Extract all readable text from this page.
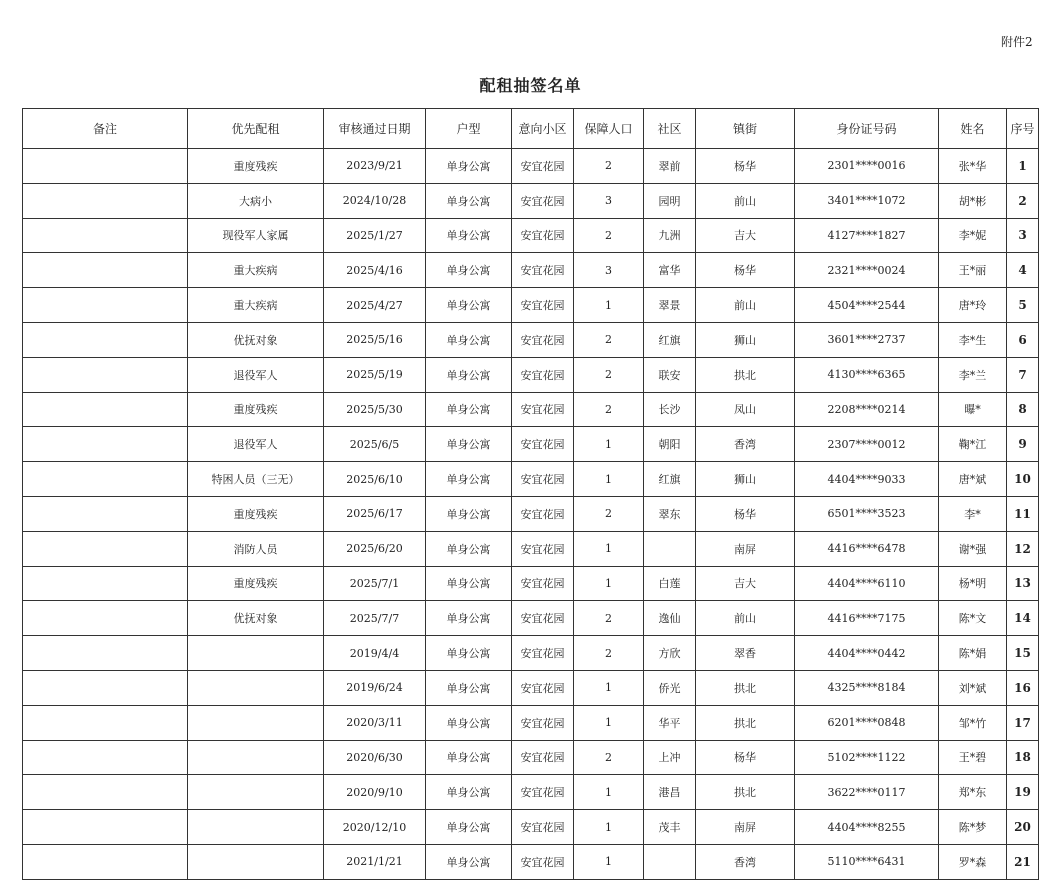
附件2
配租抽签名单
备注	优先配租	审核通过日期	户型	意向小区	保障人口	社区	镇街	身份证号码	姓名	序号
	重度残疾	2023/9/21	单身公寓	安宜花园	2	翠前	杨华	2301****0016	张*华	1
	大病小	2024/10/28	单身公寓	安宜花园	3	园明	前山	3401****1072	胡*彬	2
	现役军人家属	2025/1/27	单身公寓	安宜花园	2	九洲	吉大	4127****1827	李*妮	3
	重大疾病	2025/4/16	单身公寓	安宜花园	3	富华	杨华	2321****0024	王*丽	4
	重大疾病	2025/4/27	单身公寓	安宜花园	1	翠景	前山	4504****2544	唐*玲	5
	优抚对象	2025/5/16	单身公寓	安宜花园	2	红旗	狮山	3601****2737	李*生	6
	退役军人	2025/5/19	单身公寓	安宜花园	2	联安	拱北	4130****6365	李*兰	7
	重度残疾	2025/5/30	单身公寓	安宜花园	2	长沙	凤山	2208****0214	曝*	8
	退役军人	2025/6/5	单身公寓	安宜花园	1	朝阳	香湾	2307****0012	鞠*江	9
	特困人员（三无）	2025/6/10	单身公寓	安宜花园	1	红旗	狮山	4404****9033	唐*斌	10
	重度残疾	2025/6/17	单身公寓	安宜花园	2	翠东	杨华	6501****3523	李*	11
	消防人员	2025/6/20	单身公寓	安宜花园	1		南屏	4416****6478	谢*强	12
	重度残疾	2025/7/1	单身公寓	安宜花园	1	白莲	吉大	4404****6110	杨*明	13
	优抚对象	2025/7/7	单身公寓	安宜花园	2	逸仙	前山	4416****7175	陈*文	14
		2019/4/4	单身公寓	安宜花园	2	方欣	翠香	4404****0442	陈*娟	15
		2019/6/24	单身公寓	安宜花园	1	侨光	拱北	4325****8184	刘*斌	16
		2020/3/11	单身公寓	安宜花园	1	华平	拱北	6201****0848	邹*竹	17
		2020/6/30	单身公寓	安宜花园	2	上冲	杨华	5102****1122	王*碧	18
		2020/9/10	单身公寓	安宜花园	1	港昌	拱北	3622****0117	郑*东	19
		2020/12/10	单身公寓	安宜花园	1	茂丰	南屏	4404****8255	陈*梦	20
		2021/1/21	单身公寓	安宜花园	1		香湾	5110****6431	罗*森	21
